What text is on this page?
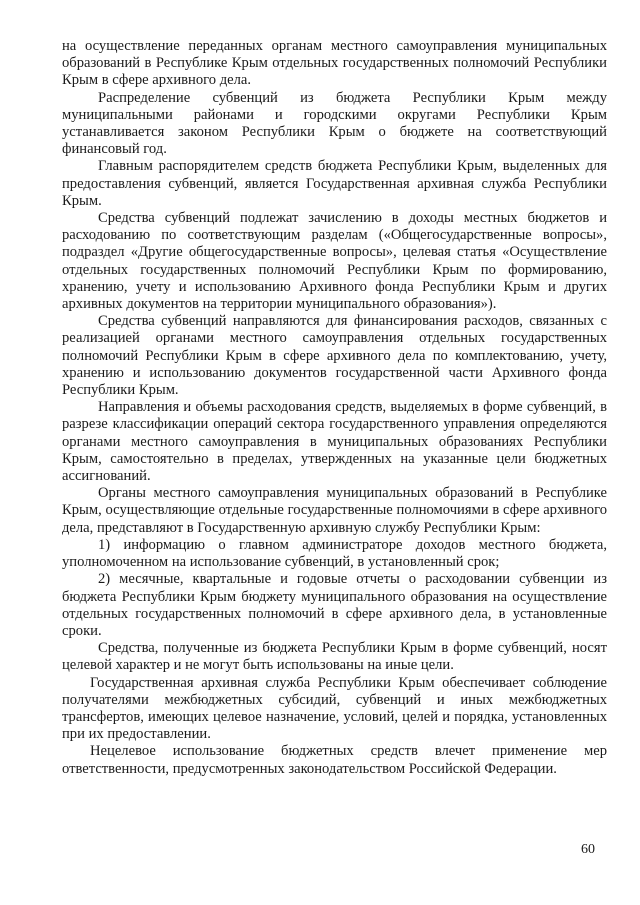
на осуществление переданных органам местного самоуправления муниципальных образований в Республике Крым отдельных государственных полномочий Республики Крым в сфере архивного дела.

Распределение субвенций из бюджета Республики Крым между муниципальными районами и городскими округами Республики Крым устанавливается законом Республики Крым о бюджете на соответствующий финансовый год.

Главным распорядителем средств бюджета Республики Крым, выделенных для предоставления субвенций, является Государственная архивная служба Республики Крым.

Средства субвенций подлежат зачислению в доходы местных бюджетов и расходованию по соответствующим разделам («Общегосударственные вопросы», подраздел «Другие общегосударственные вопросы», целевая статья «Осуществление отдельных государственных полномочий Республики Крым по формированию, хранению, учету и использованию Архивного фонда Республики Крым и других архивных документов на территории муниципального образования»).

Средства субвенций направляются для финансирования расходов, связанных с реализацией органами местного самоуправления отдельных государственных полномочий Республики Крым в сфере архивного дела по комплектованию, учету, хранению и использованию документов государственной части Архивного фонда Республики Крым.

Направления и объемы расходования средств, выделяемых в форме субвенций, в разрезе классификации операций сектора государственного управления определяются органами местного самоуправления в муниципальных образованиях Республики Крым, самостоятельно в пределах, утвержденных на указанные цели бюджетных ассигнований.

Органы местного самоуправления муниципальных образований в Республике Крым, осуществляющие отдельные государственные полномочиями в сфере архивного дела, представляют в Государственную архивную службу Республики Крым:

1) информацию о главном администраторе доходов местного бюджета, уполномоченном на использование субвенций, в установленный срок;

2) месячные, квартальные и годовые отчеты о расходовании субвенции из бюджета Республики Крым бюджету муниципального образования на осуществление отдельных государственных полномочий в сфере архивного дела, в установленные сроки.

Средства, полученные из бюджета Республики Крым в форме субвенций, носят целевой характер и не могут быть использованы на иные цели.

Государственная архивная служба Республики Крым обеспечивает соблюдение получателями межбюджетных субсидий, субвенций и иных межбюджетных трансфертов, имеющих целевое назначение, условий, целей и порядка, установленных при их предоставлении.

Нецелевое использование бюджетных средств влечет применение мер ответственности, предусмотренных законодательством Российской Федерации.

60
